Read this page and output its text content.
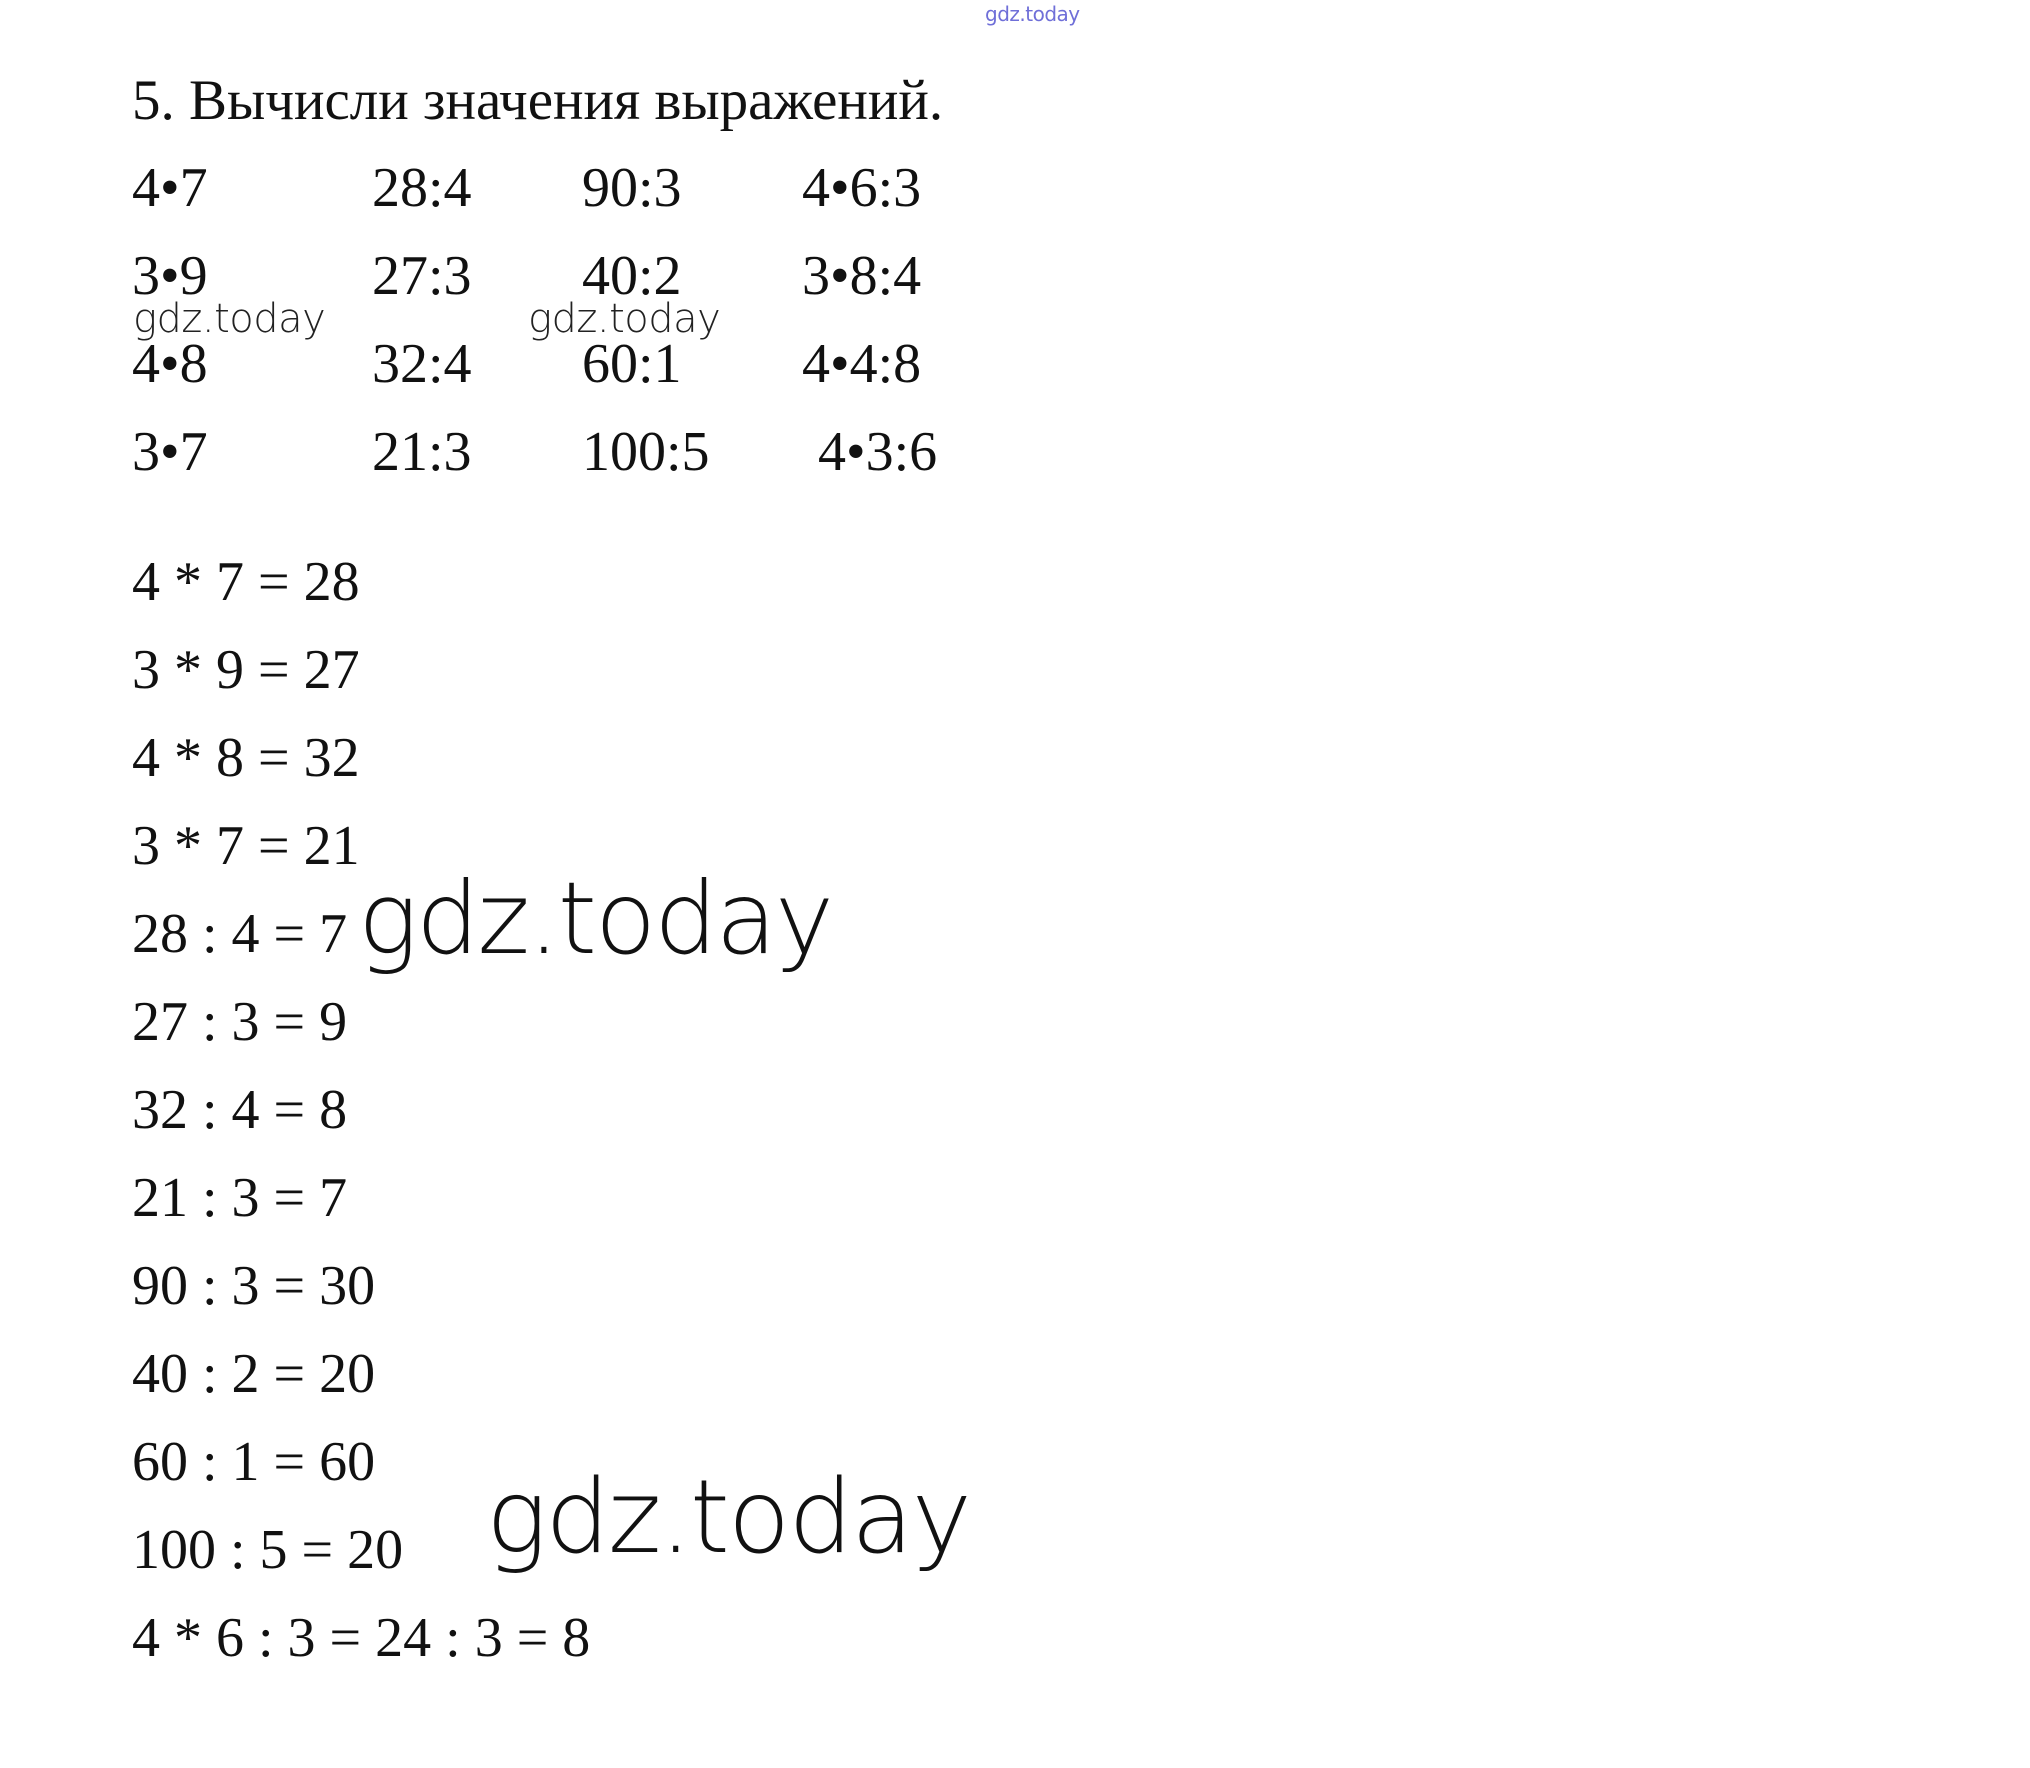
gdz.today
5. Вычисли значения выражений.
4•7	28:4 90:3 4•6:3
3•9	27:3 40:2 3•8:4
4•8	32:4 60:1 4•4:8
3•7	21:3 100:5 4•3:6
gdz.today	gdz.today
4 * 7 = 28
3 * 9 = 27
4 * 8 = 32
3 * 7 = 21
28 : 4 = 7
27 : 3 = 9
32 : 4 = 8
21 : 3 = 7
90 : 3 = 30
40 : 2 = 20
60 : 1 = 60
100 : 5 = 20
4 * 6 : 3 = 24 : 3 = 8
gdz.today
gdz.today
